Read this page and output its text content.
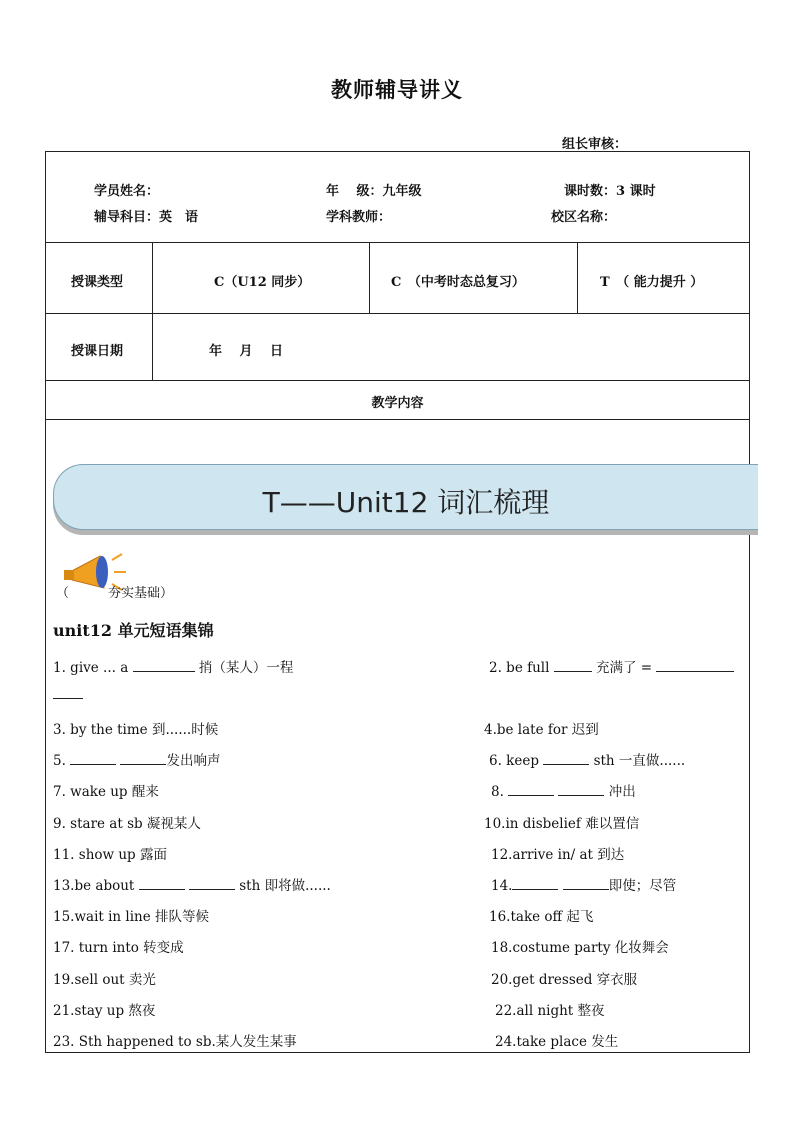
教师辅导讲义
组长审核：
学员姓名：	年　 级：九年级	课时数：3 课时
辅导科目：英　语	学科教师：	校区名称：
授课类型	C（U12 同步）	C　（中考时态总复习）	T　（ 能力提升 ）
授课日期	年　 月　 日
教学内容
T——Unit12 词汇梳理
（　　　夯实基础）
unit12 单元短语集锦
1. give ... a	捎（某人）一程	2. be full	充满了 =
3. by the time 到......时候	4.be late for 迟到
5.	发出响声	6. keep	sth 一直做......
7. wake up 醒来	8.	冲出
9. stare at sb 凝视某人	10.in disbelief 难以置信
11. show up 露面	12.arrive in/ at 到达
13.be about	sth 即将做......	14.	即使；尽管
15.wait in line 排队等候	16.take off 起飞
17. turn into 转变成	18.costume party 化妆舞会
19.sell out 卖光	20.get dressed 穿衣服
21.stay up 熬夜	22.all night 整夜
23. Sth happened to sb.某人发生某事	24.take place 发生
